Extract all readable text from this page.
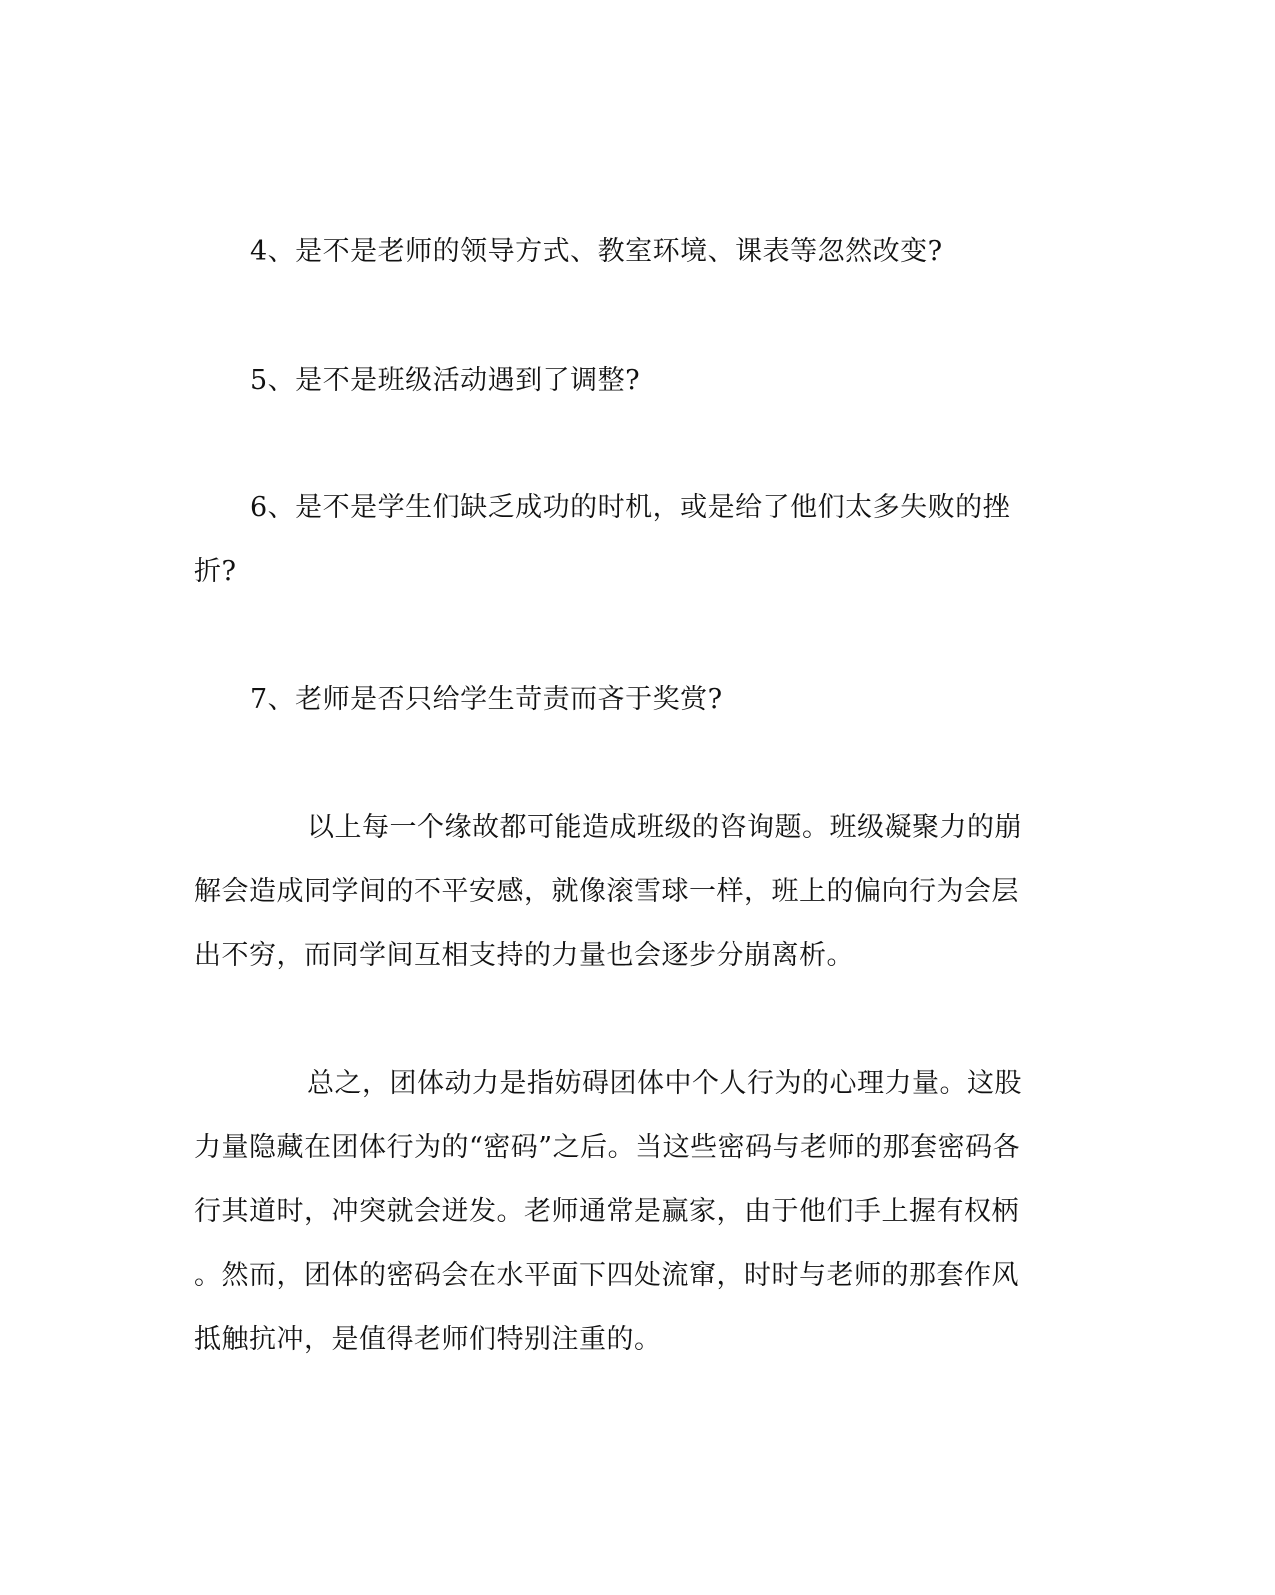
4、是不是老师的领导方式、教室环境、课表等忽然改变?
5、是不是班级活动遇到了调整?
6、是不是学生们缺乏成功的时机，或是给了他们太多失败的挫
折?
7、老师是否只给学生苛责而吝于奖赏?
以上每一个缘故都可能造成班级的咨询题。班级凝聚力的崩
解会造成同学间的不平安感，就像滚雪球一样，班上的偏向行为会层
出不穷，而同学间互相支持的力量也会逐步分崩离析。
总之，团体动力是指妨碍团体中个人行为的心理力量。这股
力量隐藏在团体行为的“密码”之后。当这些密码与老师的那套密码各
行其道时，冲突就会迸发。老师通常是赢家，由于他们手上握有权柄
。然而，团体的密码会在水平面下四处流窜，时时与老师的那套作风
抵触抗冲，是值得老师们特别注重的。
